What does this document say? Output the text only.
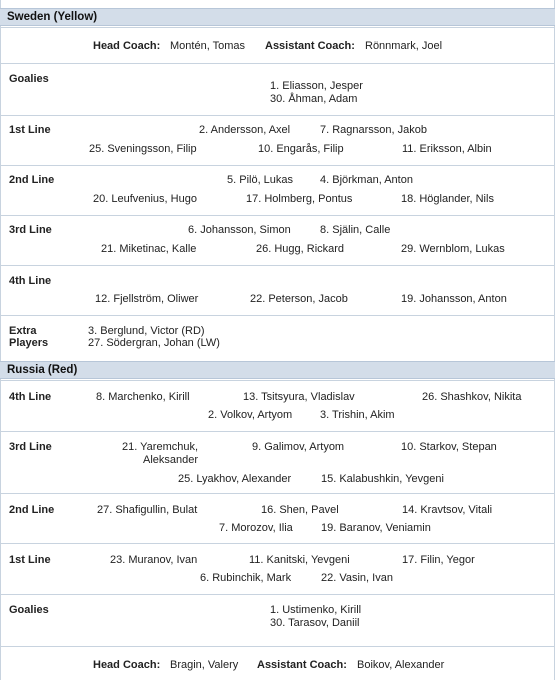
Sweden (Yellow)
Head Coach: Montén, Tomas Assistant Coach: Rönnmark, Joel
Goalies
1. Eliasson, Jesper
30. Åhman, Adam
1st Line	2. Andersson, Axel	7. Ragnarsson, Jakob
25. Sveningsson, Filip	10. Engarås, Filip	11. Eriksson, Albin
2nd Line	5. Pilö, Lukas 4. Björkman, Anton
20. Leufvenius, Hugo	17. Holmberg, Pontus	18. Höglander, Nils
3rd Line	6. Johansson, Simon	8. Själin, Calle
21. Miketinac, Kalle	26. Hugg, Rickard	29. Wernblom, Lukas
4th Line
12. Fjellström, Oliwer	22. Peterson, Jacob	19. Johansson, Anton
Extra
Players
3. Berglund, Victor (RD)
27. Södergran, Johan (LW)
Russia (Red)
4th Line	8. Marchenko, Kirill	13. Tsitsyura, Vladislav	26. Shashkov, Nikita
2. Volkov, Artyom	3. Trishin, Akim
3rd Line	21. Yaremchuk,
Aleksander
9. Galimov, Artyom	10. Starkov, Stepan
25. Lyakhov, Alexander	15. Kalabushkin, Yevgeni
2nd Line	27. Shafigullin, Bulat	16. Shen, Pavel	14. Kravtsov, Vitali
7. Morozov, Ilia	19. Baranov, Veniamin
1st Line	23. Muranov, Ivan	11. Kanitski, Yevgeni	17. Filin, Yegor
6. Rubinchik, Mark	22. Vasin, Ivan
Goalies	1. Ustimenko, Kirill
30. Tarasov, Daniil
Head Coach: Bragin, Valery Assistant Coach: Boikov, Alexander
